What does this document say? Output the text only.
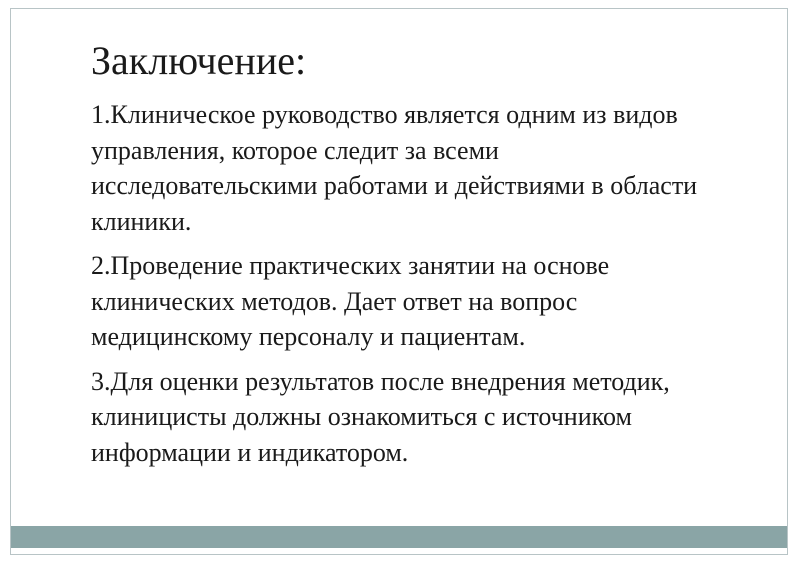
Заключение:

1.Клиническое руководство является одним из видов управления, которое следит за всеми исследовательскими работами и действиями в области клиники.

2.Проведение практических занятии на основе клинических методов. Дает ответ на вопрос медицинскому персоналу и пациентам.

3.Для оценки результатов после внедрения методик, клиницисты должны ознакомиться с источником информации и индикатором.
